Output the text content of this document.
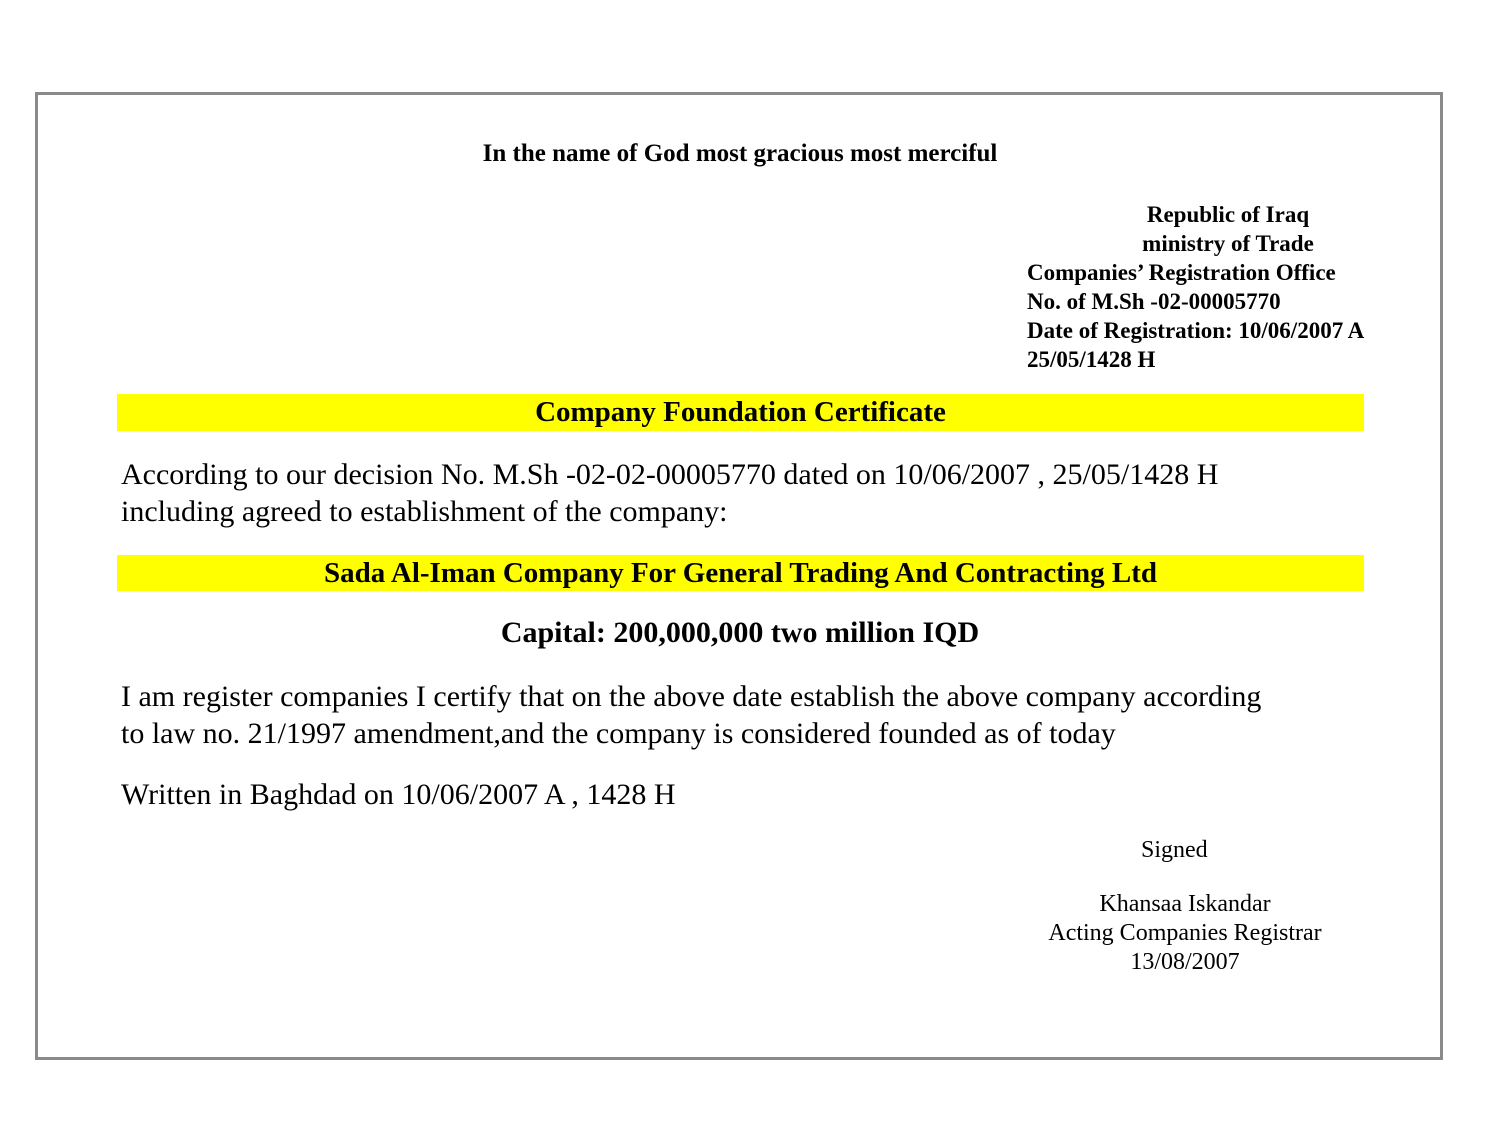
In the name of God most gracious most merciful
Republic of Iraq
ministry of Trade
Companies’ Registration Office
No. of M.Sh -02-00005770
Date of Registration: 10/06/2007 A
25/05/1428 H
Company Foundation Certificate
According to our decision No. M.Sh -02-02-00005770 dated on 10/06/2007 , 25/05/1428 H
including agreed to establishment of the company:
Sada Al-Iman Company For General Trading And Contracting Ltd
Capital: 200,000,000 two million IQD
I am register companies I certify that on the above date establish the above company according
to law no. 21/1997 amendment,and the company is considered founded as of today
Written in Baghdad on 10/06/2007 A , 1428 H
Signed
Khansaa Iskandar
Acting Companies Registrar
13/08/2007
